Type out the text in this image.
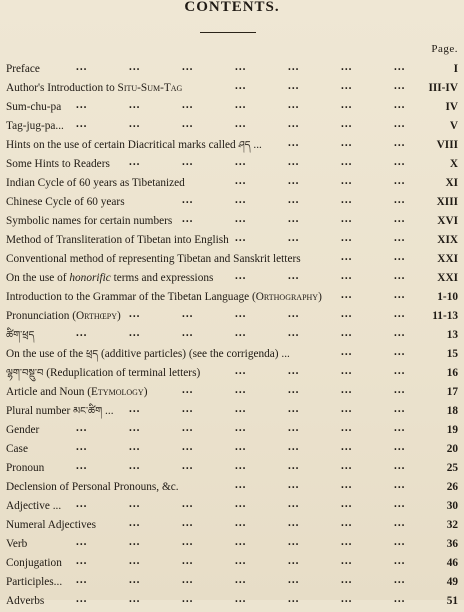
CONTENTS.
Page.
Preface	I
...	...	...	...	...	...	...
Author's Introduction to Situ-Sum-Tag	III-IV
...	...	...	...
Sum-chu-pa	IV
...	...	...	...	...	...	...
Tag-jug-pa...	V
...	...	...	...	...	...	...
Hints on the use of certain Diacritical marks called ཤད ...	VIII
...	...	...
Some Hints to Readers	X
...	...	...	...	...	...
Indian Cycle of 60 years as Tibetanized	XI
...	...	...	...
Chinese Cycle of 60 years	XIII
...	...	...	...	...
Symbolic names for certain numbers	XVI
...	...	...	...	...
Method of Transliteration of Tibetan into English	XIX
...	...	...	...
Conventional method of representing Tibetan and Sanskrit letters	XXI
...	...
On the use of honorific terms and expressions	XXI
...	...	...	...
Introduction to the Grammar of the Tibetan Language (Orthography)	1-10
...	...
Pronunciation (Orthœpy)	11-13
...	...	...	...	...	...
ཚིག་ཕྲད	13
...	...	...	...	...	...	...
On the use of the ཕྲད (additive particles) (see the corrigenda) ...	15
...	...
ལྷག་བསྡུ་བ (Reduplication of terminal letters)	16
...	...	...	...
Article and Noun (Etymology)	17
...	...	...	...	...
Plural number མང་ཚིག ...	18
...	...	...	...	...	...
Gender	19
...	...	...	...	...	...	...
Case	20
...	...	...	...	...	...	...
Pronoun	25
...	...	...	...	...	...	...
Declension of Personal Pronouns, &c.	26
...	...	...	...
Adjective ...	30
...	...	...	...	...	...	...
Numeral Adjectives	32
...	...	...	...	...	...
Verb	36
...	...	...	...	...	...	...
Conjugation	46
...	...	...	...	...	...	...
Participles...	49
...	...	...	...	...	...	...
Adverbs	51
...	...	...	...	...	...	...
